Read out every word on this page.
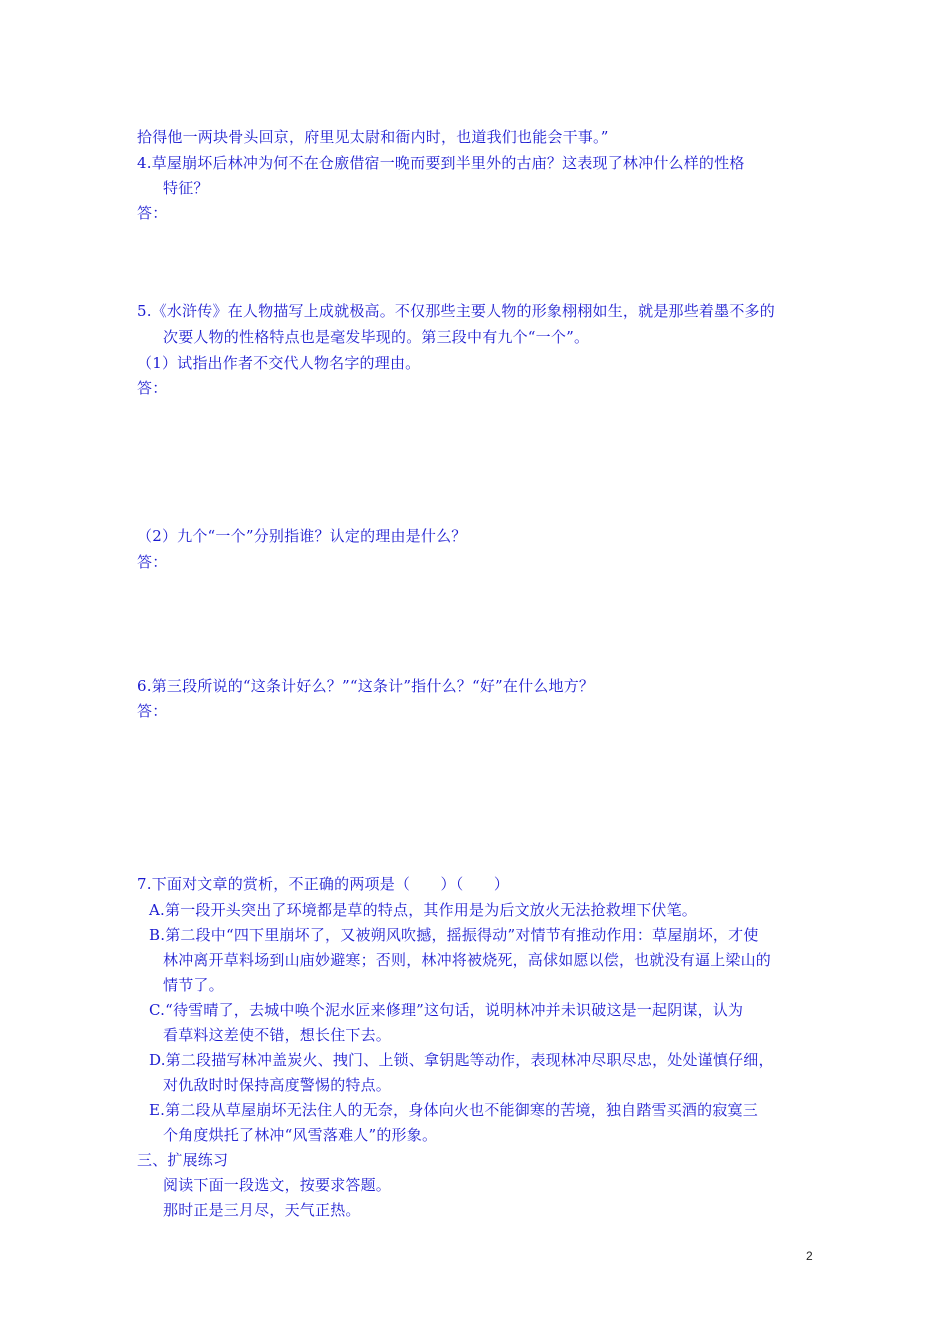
拾得他一两块骨头回京，府里见太尉和衙内时，也道我们也能会干事。”
4.草屋崩坏后林冲为何不在仓廒借宿一晚而要到半里外的古庙？这表现了林冲什么样的性格
特征？
答：
5.《水浒传》在人物描写上成就极高。不仅那些主要人物的形象栩栩如生，就是那些着墨不多的
次要人物的性格特点也是毫发毕现的。第三段中有九个“一个”。
（1）试指出作者不交代人物名字的理由。
答：
（2）九个“一个”分别指谁？认定的理由是什么？
答：
6.第三段所说的“这条计好么？”“这条计”指什么？“好”在什么地方？
答：
7.下面对文章的赏析，不正确的两项是（　　）（　　）
A.第一段开头突出了环境都是草的特点，其作用是为后文放火无法抢救埋下伏笔。
B.第二段中“四下里崩坏了，又被朔风吹撼，摇振得动”对情节有推动作用：草屋崩坏，才使
林冲离开草料场到山庙妙避寒；否则，林冲将被烧死，高俅如愿以偿，也就没有逼上梁山的
情节了。
C.“待雪晴了，去城中唤个泥水匠来修理”这句话，说明林冲并未识破这是一起阴谋，认为
看草料这差使不错，想长住下去。
D.第二段描写林冲盖炭火、拽门、上锁、拿钥匙等动作，表现林冲尽职尽忠，处处谨慎仔细，
对仇敌时时保持高度警惕的特点。
E.第二段从草屋崩坏无法住人的无奈，身体向火也不能御寒的苦境，独自踏雪买酒的寂寞三
个角度烘托了林冲“风雪落难人”的形象。
三、扩展练习
阅读下面一段选文，按要求答题。
那时正是三月尽，天气正热。
2
